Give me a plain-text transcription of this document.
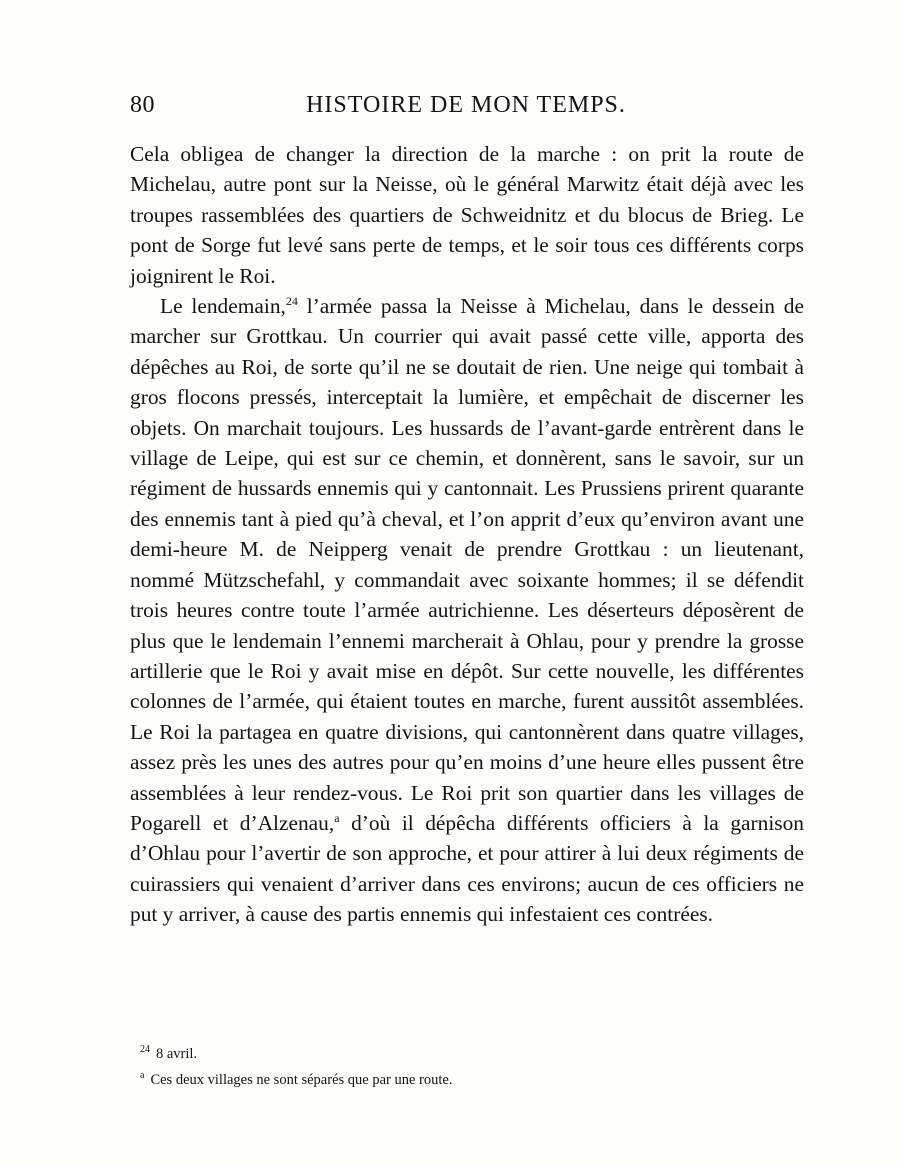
80	HISTOIRE DE MON TEMPS.

Cela obligea de changer la direction de la marche : on prit la route de Michelau, autre pont sur la Neisse, où le général Marwitz était déjà avec les troupes rassemblées des quartiers de Schweidnitz et du blocus de Brieg. Le pont de Sorge fut levé sans perte de temps, et le soir tous ces différents corps joignirent le Roi.

Le lendemain,$^{24}$ l’armée passa la Neisse à Michelau, dans le dessein de marcher sur Grottkau. Un courrier qui avait passé cette ville, apporta des dépêches au Roi, de sorte qu’il ne se doutait de rien. Une neige qui tombait à gros flocons pressés, interceptait la lumière, et empêchait de discerner les objets. On marchait toujours. Les hussards de l’avant-garde entrèrent dans le village de Leipe, qui est sur ce chemin, et donnèrent, sans le savoir, sur un régiment de hussards ennemis qui y cantonnait. Les Prussiens prirent quarante des ennemis tant à pied qu’à cheval, et l’on apprit d’eux qu’environ avant une demi-heure M. de Neipperg venait de prendre Grottkau : un lieutenant, nommé Mützschefahl, y commandait avec soixante hommes; il se défendit trois heures contre toute l’armée autrichienne. Les déserteurs déposèrent de plus que le lendemain l’ennemi marcherait à Ohlau, pour y prendre la grosse artillerie que le Roi y avait mise en dépôt. Sur cette nouvelle, les différentes colonnes de l’armée, qui étaient toutes en marche, furent aussitôt assemblées. Le Roi la partagea en quatre divisions, qui cantonnèrent dans quatre villages, assez près les unes des autres pour qu’en moins d’une heure elles pussent être assemblées à leur rendez-vous. Le Roi prit son quartier dans les villages de Pogarell et d’Alzenau,$^a$ d’où il dépêcha différents officiers à la garnison d’Ohlau pour l’avertir de son approche, et pour attirer à lui deux régiments de cuirassiers qui venaient d’arriver dans ces environs; aucun de ces officiers ne put y arriver, à cause des partis ennemis qui infestaient ces contrées.

$^{24}$ 8 avril.
$^a$ Ces deux villages ne sont séparés que par une route.
